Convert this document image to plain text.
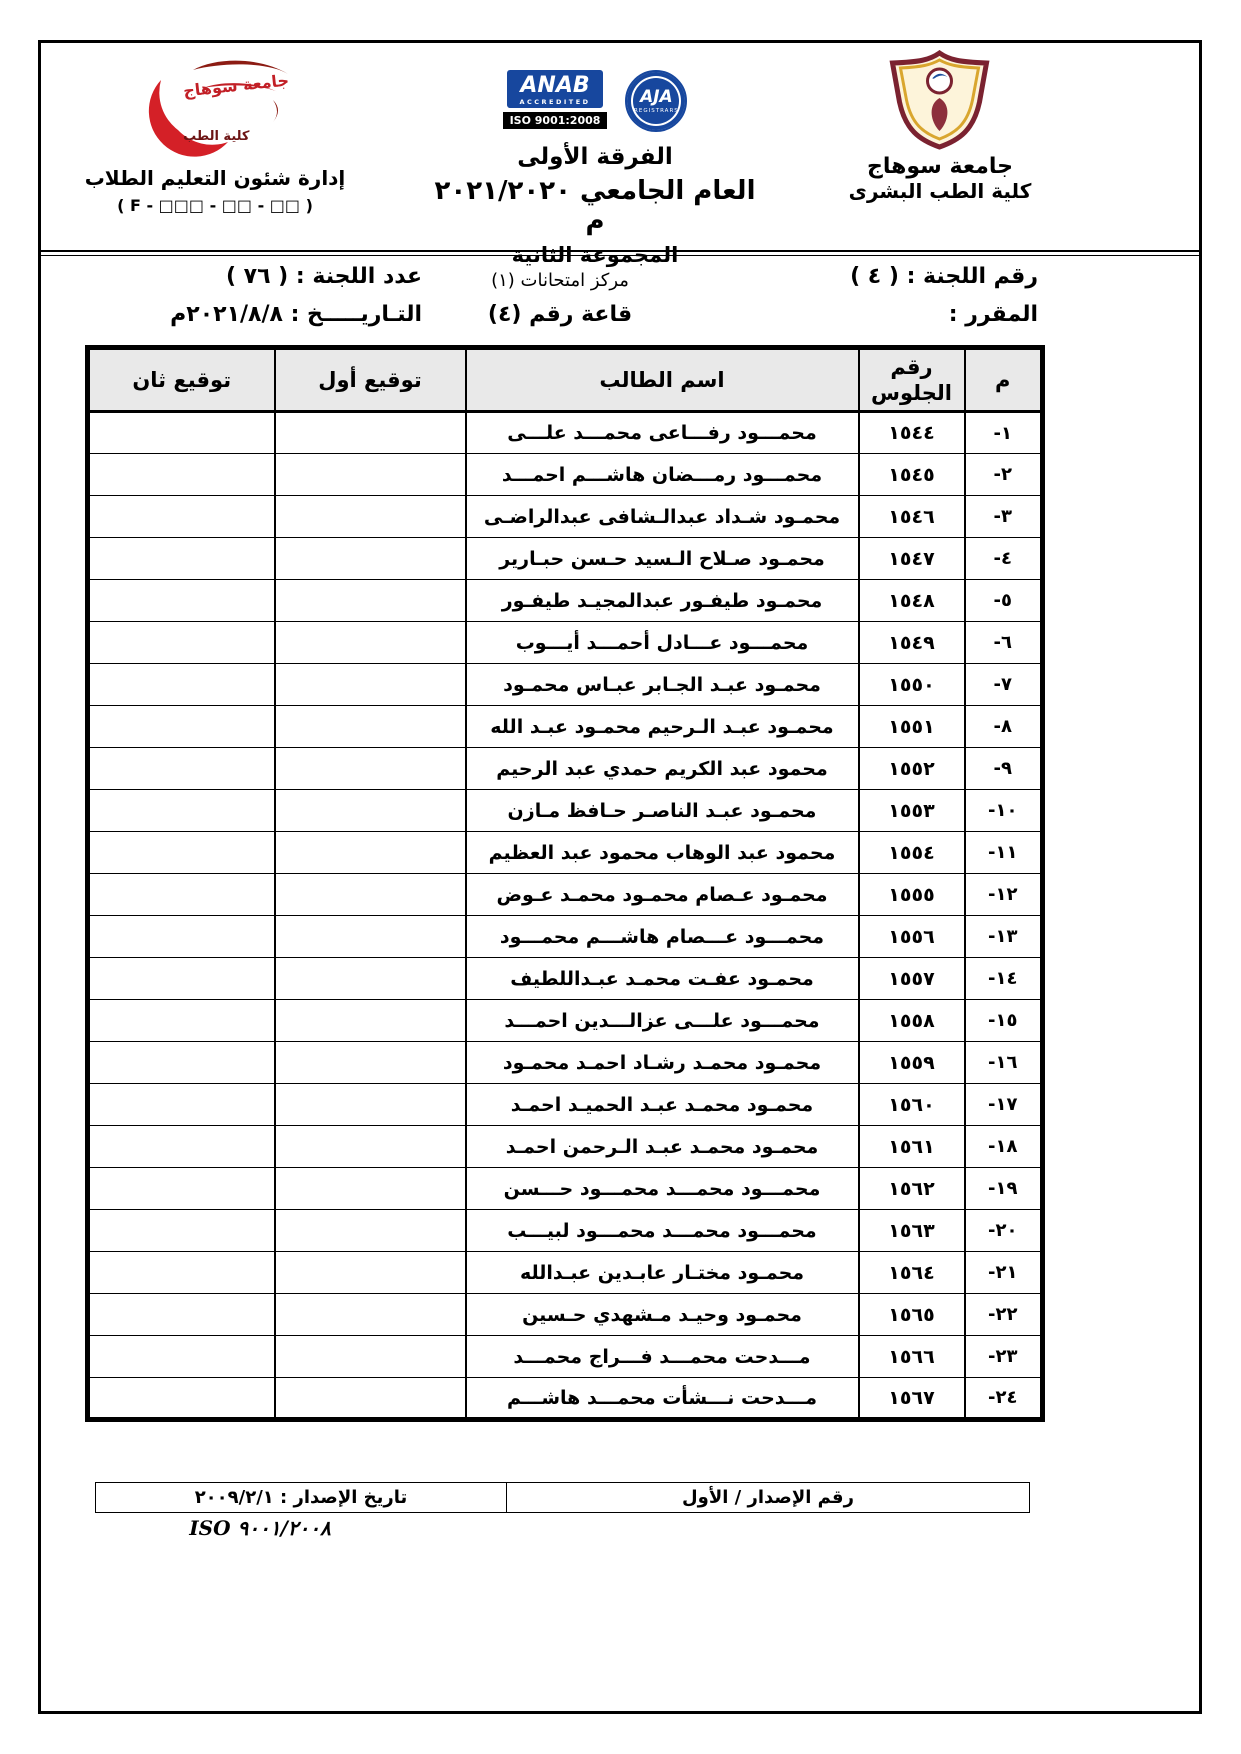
جامعة سوهاج
كلية الطب البشرى
ANAB
ACCREDITED
ISO 9001:2008
AJA
REGISTRARS
الفرقة الأولى
العام الجامعي ٢٠٢١/٢٠٢٠ م
المجموعة الثانية
جامعة سوهاج
كلية الطب
إدارة شئون التعليم الطلاب
( F - □□□ - □□ - □□ )
رقم اللجنة : ( ٤ )
مركز امتحانات (١)
عدد اللجنة : ( ٧٦ )
المقرر :
قاعة رقم (٤)
التـاريـــــخ : ٢٠٢١/٨/٨م
م	رقم الجلوس	اسم الطالب	توقيع أول	توقيع ثان
١-	١٥٤٤	محمـــود رفـــاعى محمـــد علـــى		
٢-	١٥٤٥	محمـــود رمـــضان هاشـــم احمـــد		
٣-	١٥٤٦	محمـود شـداد عبدالـشافى عبدالراضـى		
٤-	١٥٤٧	محمـود صـلاح الـسيد حـسن حبـارير		
٥-	١٥٤٨	محمـود طيفـور عبدالمجيـد طيفـور		
٦-	١٥٤٩	محمـــود عـــادل أحمـــد أيـــوب		
٧-	١٥٥٠	محمـود عبـد الجـابر عبـاس محمـود		
٨-	١٥٥١	محمـود عبـد الـرحيم محمـود عبـد الله		
٩-	١٥٥٢	محمود عبد الكريم حمدي عبد الرحيم		
١٠-	١٥٥٣	محمـود عبـد الناصـر حـافظ مـازن		
١١-	١٥٥٤	محمود عبد الوهاب محمود عبد العظيم		
١٢-	١٥٥٥	محمـود عـصام محمـود محمـد عـوض		
١٣-	١٥٥٦	محمـــود عـــصام هاشـــم محمـــود		
١٤-	١٥٥٧	محمـود عفـت محمـد عبـداللطيف		
١٥-	١٥٥٨	محمـــود علـــى عزالـــدين احمـــد		
١٦-	١٥٥٩	محمـود محمـد رشـاد احمـد محمـود		
١٧-	١٥٦٠	محمـود محمـد عبـد الحميـد احمـد		
١٨-	١٥٦١	محمـود محمـد عبـد الـرحمن احمـد		
١٩-	١٥٦٢	محمـــود محمـــد محمـــود حـــسن		
٢٠-	١٥٦٣	محمـــود محمـــد محمـــود لبيـــب		
٢١-	١٥٦٤	محمـود مختـار عابـدين عبـدالله		
٢٢-	١٥٦٥	محمـود وحيـد مـشهدي حـسين		
٢٣-	١٥٦٦	مـــدحت محمـــد فـــراج محمـــد		
٢٤-	١٥٦٧	مـــدحت نـــشأت محمـــد هاشـــم		
رقم الإصدار / الأول	تاريخ الإصدار : ٢٠٠٩/٢/١
ISO ٩٠٠١/٢٠٠٨
